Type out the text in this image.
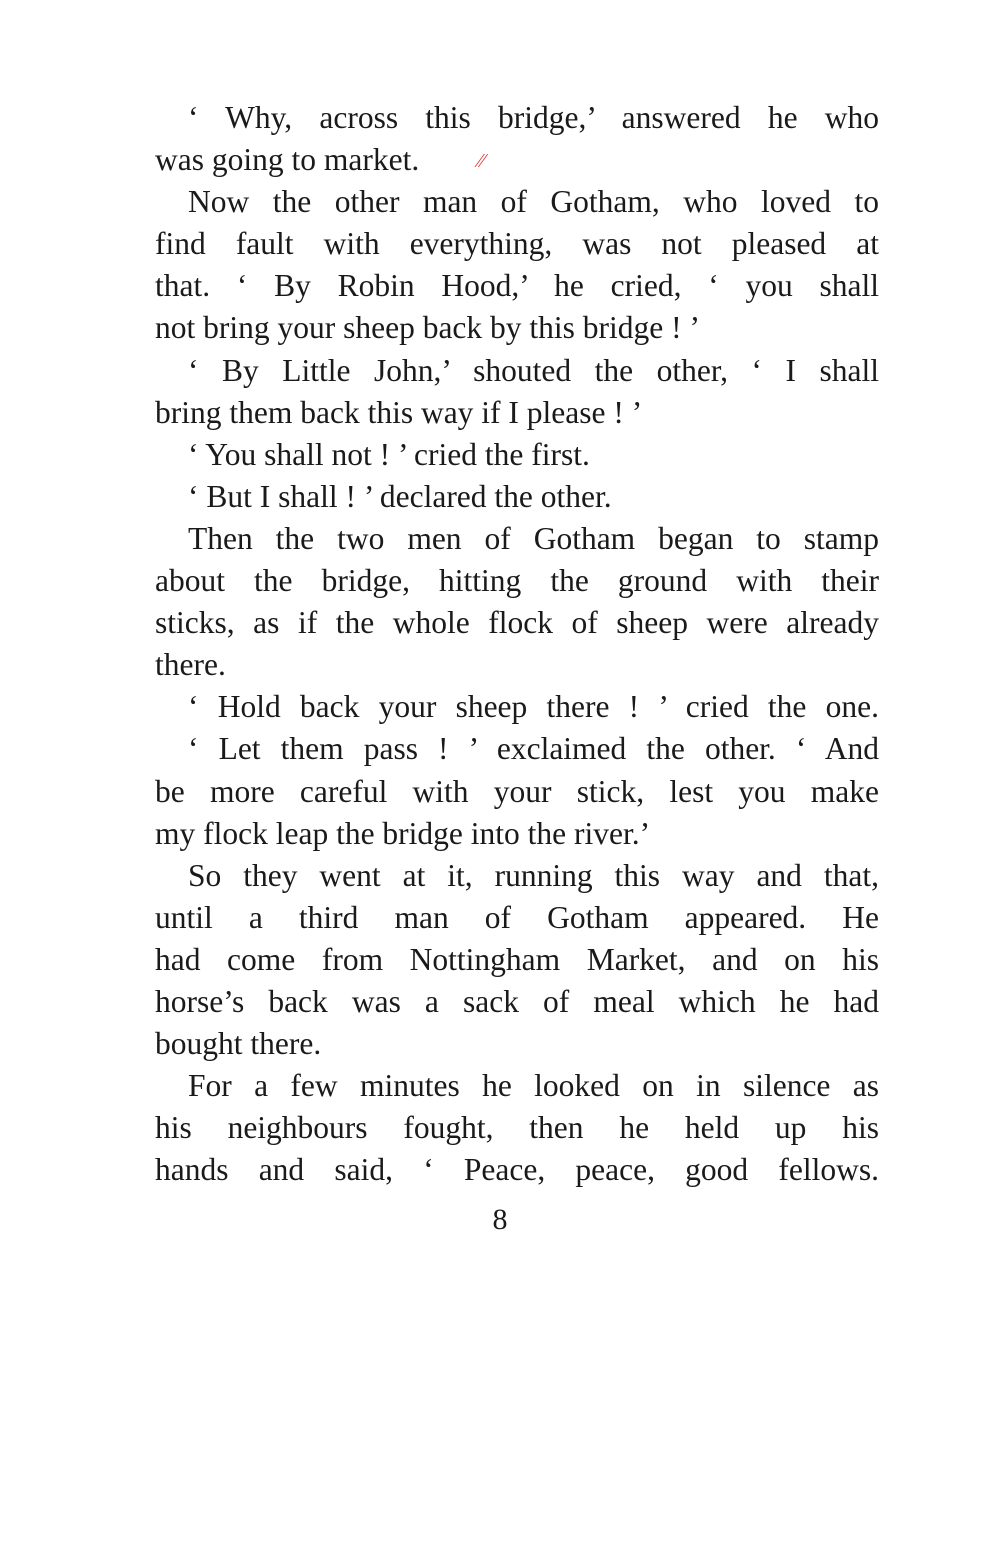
‘ Why, across this bridge,’ answered he who
was going to market.
Now the other man of Gotham, who loved to
find fault with everything, was not pleased at
that. ‘ By Robin Hood,’ he cried, ‘ you shall
not bring your sheep back by this bridge ! ’
‘ By Little John,’ shouted the other, ‘ I shall
bring them back this way if I please ! ’
‘ You shall not ! ’ cried the first.
‘ But I shall ! ’ declared the other.
Then the two men of Gotham began to stamp
about the bridge, hitting the ground with their
sticks, as if the whole flock of sheep were already
there.
‘ Hold back your sheep there ! ’ cried the one.
‘ Let them pass ! ’ exclaimed the other. ‘ And
be more careful with your stick, lest you make
my flock leap the bridge into the river.’
So they went at it, running this way and that,
until a third man of Gotham appeared. He
had come from Nottingham Market, and on his
horse’s back was a sack of meal which he had
bought there.
For a few minutes he looked on in silence as
his neighbours fought, then he held up his
hands and said, ‘ Peace, peace, good fellows.
8
⁄⁄
